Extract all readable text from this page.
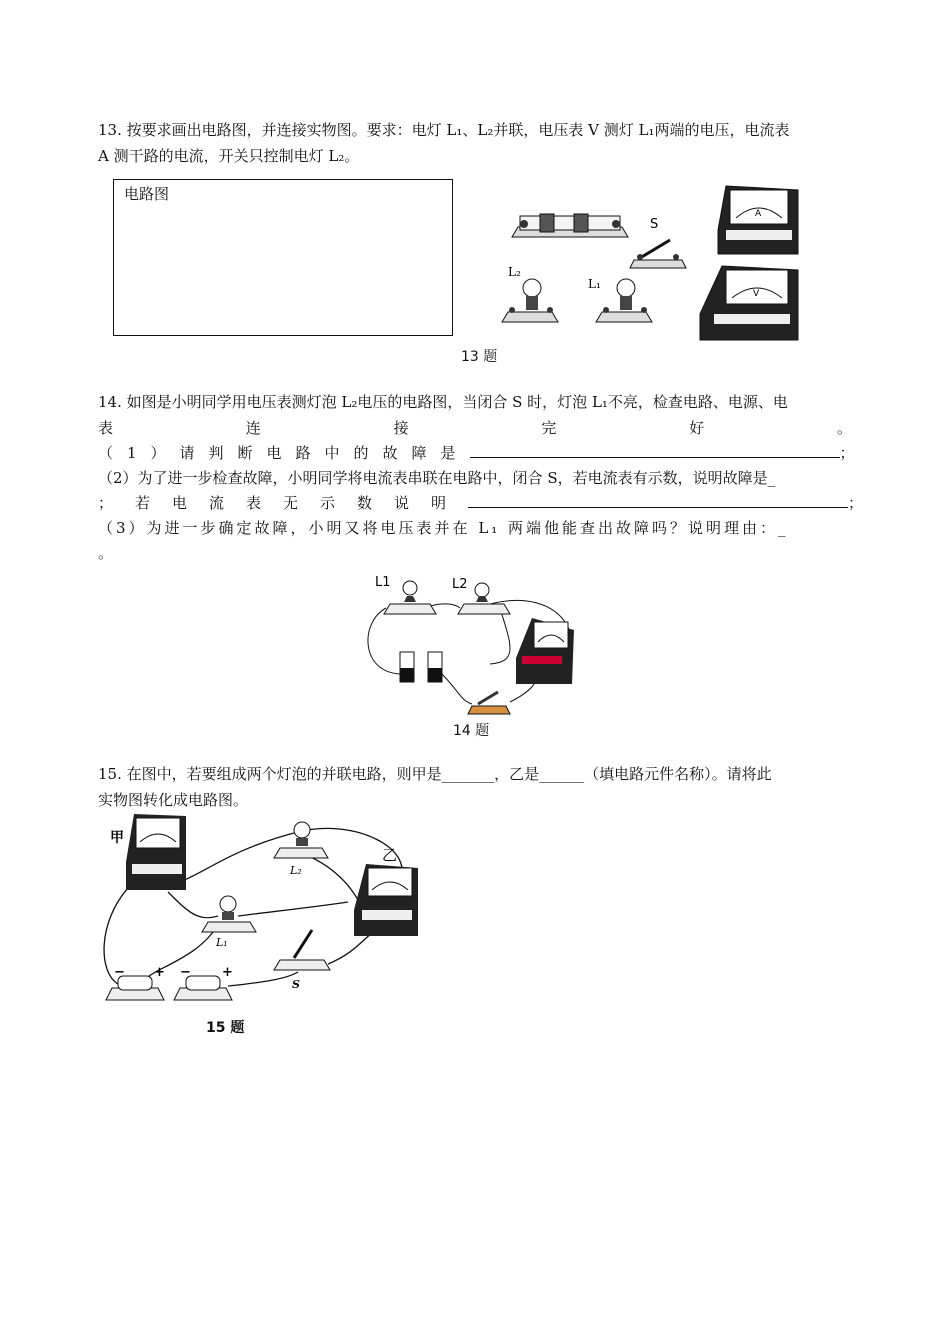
13. 按要求画出电路图，并连接实物图。要求：电灯 L₁、L₂并联，电压表 V 测灯 L₁两端的电压，电流表
A 测干路的电流，开关只控制电灯 L₂。
电路图
S
L₂
L₁
A
V
13 题
14. 如图是小明同学用电压表测灯泡 L₂电压的电路图，当闭合 S 时，灯泡 L₁不亮，检查电路、电源、电
表连接完好。
（1）请判断电路中的故障是	；
（2）为了进一步检查故障，小明同学将电流表串联在电路中，闭合 S，若电流表有示数，说明故障是_
；若电流表无示数说明	；
（3）为进一步确定故障，小明又将电压表并在 L₁ 两端他能查出故障吗？说明理由：_
。
L1	L2
14 题
15. 在图中，若要组成两个灯泡的并联电路，则甲是_______，乙是______（填电路元件名称）。请将此
实物图转化成电路图。
甲
乙
L₂
L₁
S
− + − +
15 题
